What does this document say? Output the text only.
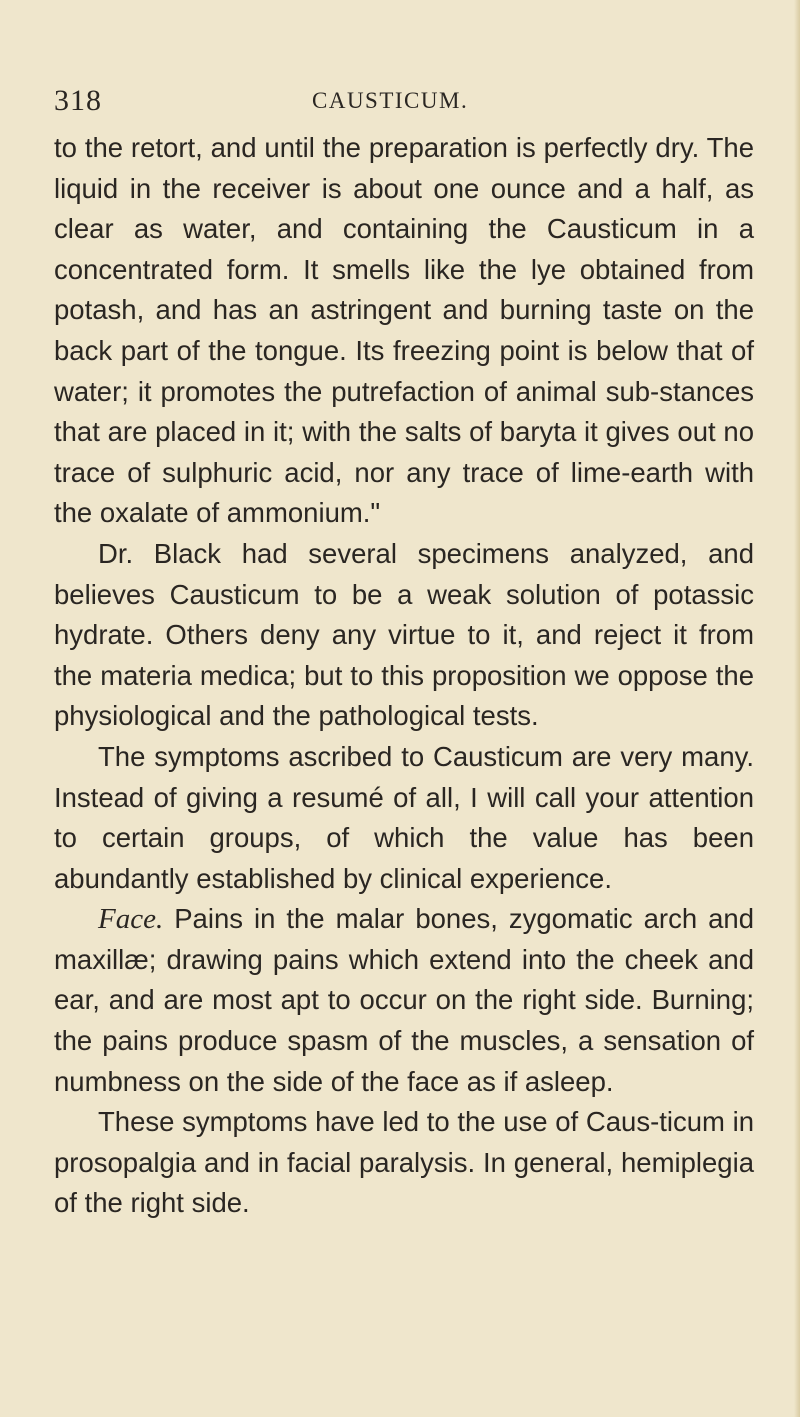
318	CAUSTICUM.

to the retort, and until the preparation is perfectly dry. The liquid in the receiver is about one ounce and a half, as clear as water, and containing the Causticum in a concentrated form. It smells like the lye obtained from potash, and has an astringent and burning taste on the back part of the tongue. Its freezing point is below that of water; it promotes the putrefaction of animal sub-stances that are placed in it; with the salts of baryta it gives out no trace of sulphuric acid, nor any trace of lime-earth with the oxalate of ammonium."

Dr. Black had several specimens analyzed, and believes Causticum to be a weak solution of potassic hydrate. Others deny any virtue to it, and reject it from the materia medica; but to this proposition we oppose the physiological and the pathological tests.

The symptoms ascribed to Causticum are very many. Instead of giving a resumé of all, I will call your attention to certain groups, of which the value has been abundantly established by clinical experience.

Face. Pains in the malar bones, zygomatic arch and maxillæ; drawing pains which extend into the cheek and ear, and are most apt to occur on the right side. Burning; the pains produce spasm of the muscles, a sensation of numbness on the side of the face as if asleep.

These symptoms have led to the use of Caus-ticum in prosopalgia and in facial paralysis. In general, hemiplegia of the right side.
